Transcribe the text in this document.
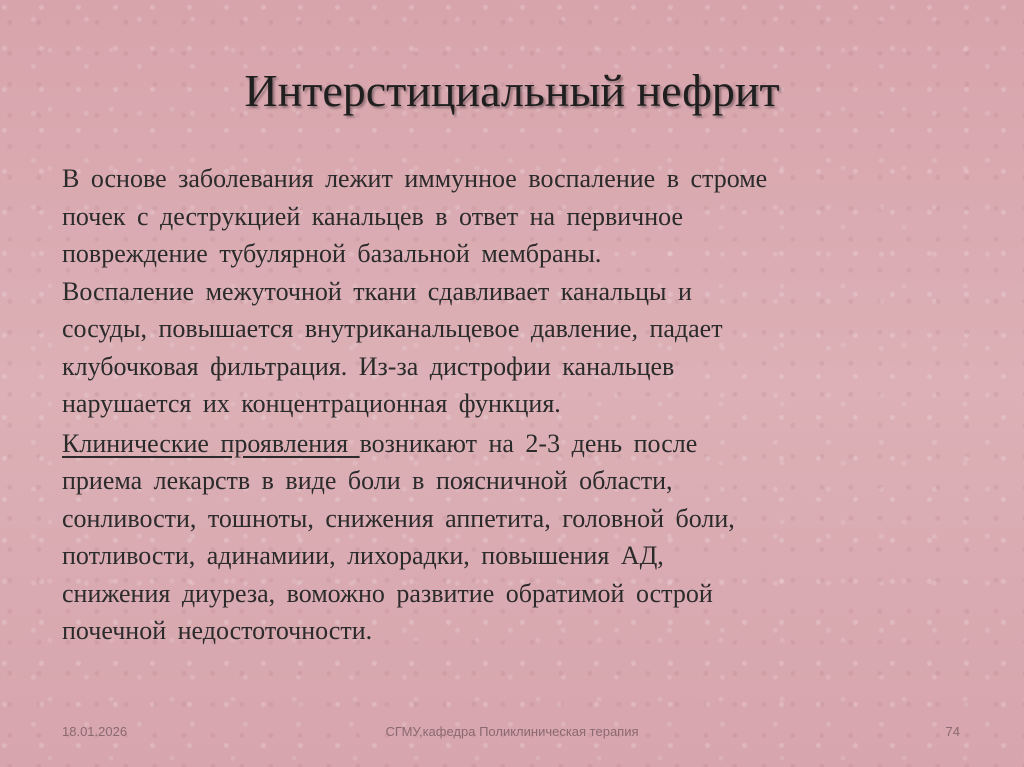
Интерстициальный нефрит

В основе заболевания лежит иммунное воспаление в строме
почек с деструкцией канальцев в ответ на первичное
повреждение тубулярной базальной мембраны.
Воспаление межуточной ткани сдавливает канальцы и
сосуды, повышается внутриканальцевое давление, падает
клубочковая фильтрация. Из-за дистрофии канальцев
нарушается их концентрационная функция.

Клинические проявления возникают на 2-3 день после
приема лекарств в виде боли в поясничной области,
сонливости, тошноты, снижения аппетита, головной боли,
потливости, адинамиии, лихорадки, повышения АД,
снижения диуреза, воможно развитие обратимой острой
почечной недостоточности.

18.01.2026	СГМУ,кафедра Поликлиническая терапия	74
